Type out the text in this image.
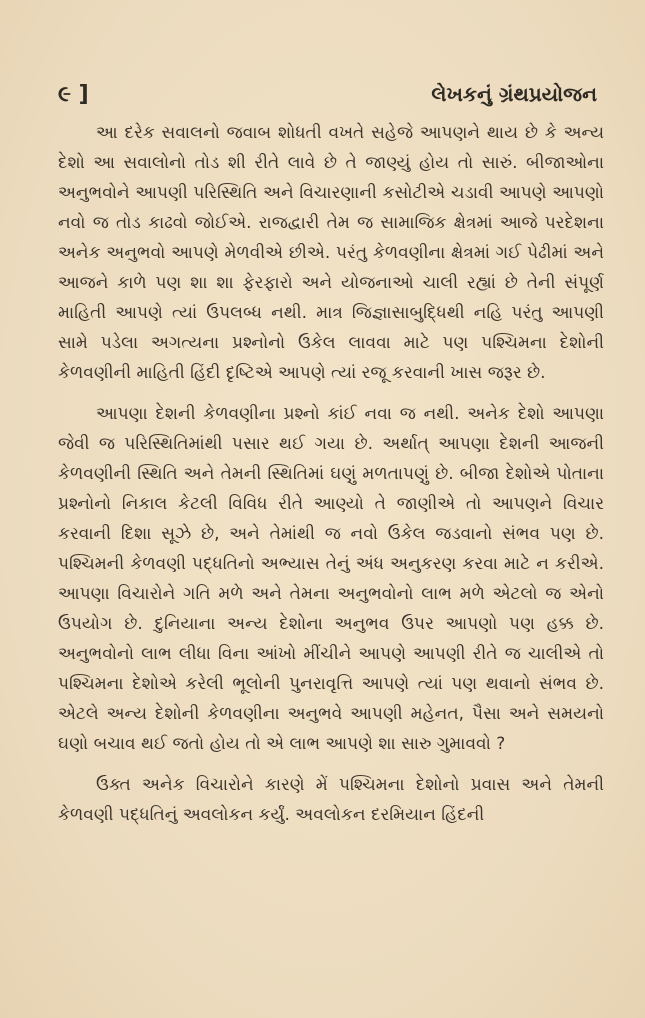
૯ ]	લેખકનું ગ્રંથપ્રયોજન

આ દરેક સવાલનો જવાબ શોધતી વખતે સહેજે આપણને થાય છે કે અન્ય દેશો આ સવાલોનો તોડ શી રીતે લાવે છે તે જાણ્યું હોય તો સારું. બીજાઓના અનુભવોને આપણી પરિસ્થિતિ અને વિચારણાની કસોટીએ ચડાવી આપણે આપણો નવો જ તોડ કાઢવો જોઈએ. રાજદ્વારી તેમ જ સામાજિક ક્ષેત્રમાં આજે પરદેશના અનેક અનુભવો આપણે મેળવીએ છીએ. પરંતુ કેળવણીના ક્ષેત્રમાં ગઈ પેઢીમાં અને આજને કાળે પણ શા શા ફેરફારો અને યોજનાઓ ચાલી રહ્યાં છે તેની સંપૂર્ણ માહિતી આપણે ત્યાં ઉપલબ્ધ નથી. માત્ર જિજ્ઞાસાબુદ્ધિથી નહિ પરંતુ આપણી સામે પડેલા અગત્યના પ્રશ્નોનો ઉકેલ લાવવા માટે પણ પશ્ચિમના દેશોની કેળવણીની માહિતી હિંદી દૃષ્ટિએ આપણે ત્યાં રજૂ કરવાની ખાસ જરૂર છે.

આપણા દેશની કેળવણીના પ્રશ્નો કાંઈ નવા જ નથી. અનેક દેશો આપણા જેવી જ પરિસ્થિતિમાંથી પસાર થઈ ગયા છે. અર્થાત્ આપણા દેશની આજની કેળવણીની સ્થિતિ અને તેમની સ્થિતિમાં ઘણું મળતાપણું છે. બીજા દેશોએ પોતાના પ્રશ્નોનો નિકાલ કેટલી વિવિધ રીતે આણ્યો તે જાણીએ તો આપણને વિચાર કરવાની દિશા સૂઝે છે, અને તેમાંથી જ નવો ઉકેલ જડવાનો સંભવ પણ છે. પશ્ચિમની કેળવણી પદ્ધતિનો અભ્યાસ તેનું અંધ અનુકરણ કરવા માટે ન કરીએ. આપણા વિચારોને ગતિ મળે અને તેમના અનુભવોનો લાભ મળે એટલો જ એનો ઉપયોગ છે. દુનિયાના અન્ય દેશોના અનુભવ ઉપર આપણો પણ હક્ક છે. અનુભવોનો લાભ લીધા વિના આંખો મીંચીને આપણે આપણી રીતે જ ચાલીએ તો પશ્ચિમના દેશોએ કરેલી ભૂલોની પુનરાવૃત્તિ આપણે ત્યાં પણ થવાનો સંભવ છે. એટલે અન્ય દેશોની કેળવણીના અનુભવે આપણી મહેનત, પૈસા અને સમયનો ઘણો બચાવ થઈ જતો હોય તો એ લાભ આપણે શા સારુ ગુમાવવો ?

ઉક્ત અનેક વિચારોને કારણે મેં પશ્ચિમના દેશોનો પ્રવાસ અને તેમની કેળવણી પદ્ધતિનું અવલોકન કર્યું. અવલોકન દરમિયાન હિંદની
